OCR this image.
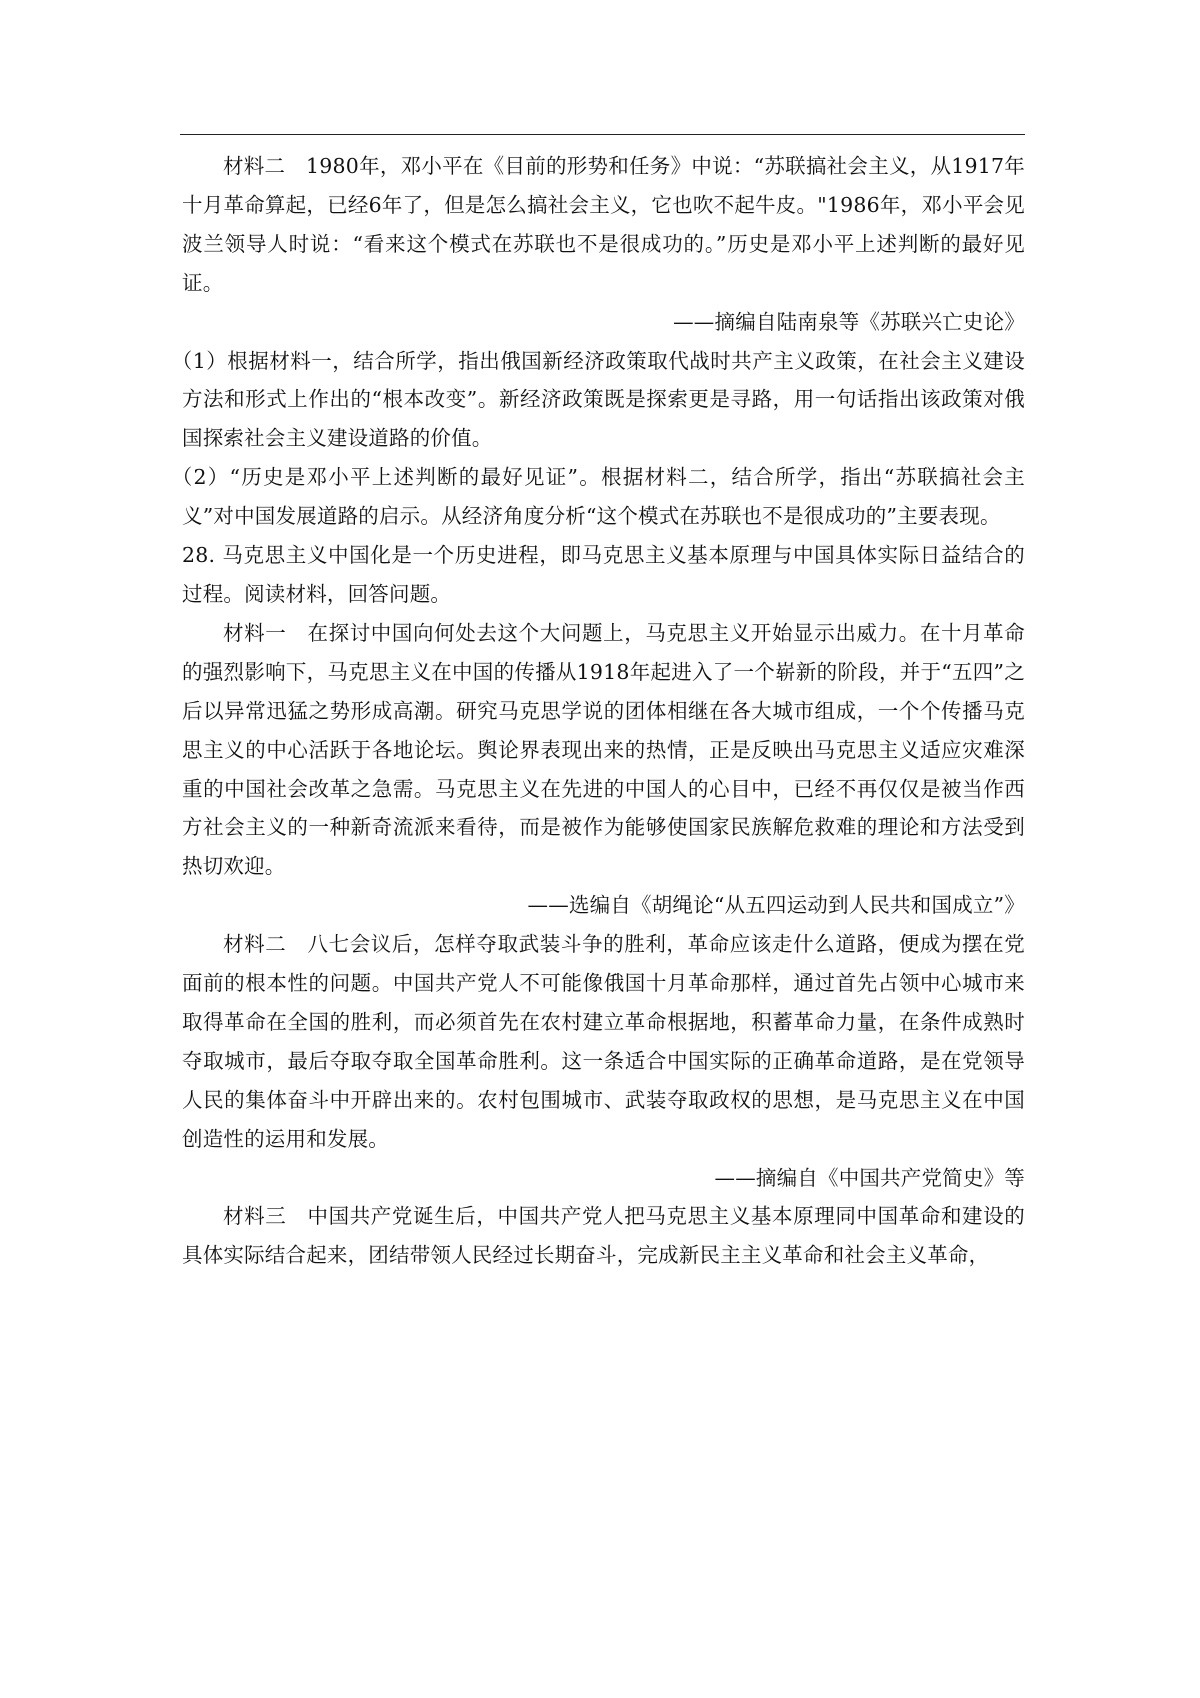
材料二　1980年，邓小平在《目前的形势和任务》中说：“苏联搞社会主义，从1917年十月革命算起，已经6年了，但是怎么搞社会主义，它也吹不起牛皮。"1986年，邓小平会见波兰领导人时说：“看来这个模式在苏联也不是很成功的。”历史是邓小平上述判断的最好见证。

——摘编自陆南泉等《苏联兴亡史论》

（1）根据材料一，结合所学，指出俄国新经济政策取代战时共产主义政策，在社会主义建设方法和形式上作出的“根本改变”。新经济政策既是探索更是寻路，用一句话指出该政策对俄国探索社会主义建设道路的价值。

（2）“历史是邓小平上述判断的最好见证”。根据材料二，结合所学，指出“苏联搞社会主义”对中国发展道路的启示。从经济角度分析“这个模式在苏联也不是很成功的”主要表现。

28. 马克思主义中国化是一个历史进程，即马克思主义基本原理与中国具体实际日益结合的过程。阅读材料，回答问题。

材料一　在探讨中国向何处去这个大问题上，马克思主义开始显示出威力。在十月革命的强烈影响下，马克思主义在中国的传播从1918年起进入了一个崭新的阶段，并于“五四”之后以异常迅猛之势形成高潮。研究马克思学说的团体相继在各大城市组成，一个个传播马克思主义的中心活跃于各地论坛。舆论界表现出来的热情，正是反映出马克思主义适应灾难深重的中国社会改革之急需。马克思主义在先进的中国人的心目中，已经不再仅仅是被当作西方社会主义的一种新奇流派来看待，而是被作为能够使国家民族解危救难的理论和方法受到热切欢迎。

——选编自《胡绳论“从五四运动到人民共和国成立”》

材料二　八七会议后，怎样夺取武装斗争的胜利，革命应该走什么道路，便成为摆在党面前的根本性的问题。中国共产党人不可能像俄国十月革命那样，通过首先占领中心城市来取得革命在全国的胜利，而必须首先在农村建立革命根据地，积蓄革命力量，在条件成熟时夺取城市，最后夺取夺取全国革命胜利。这一条适合中国实际的正确革命道路，是在党领导人民的集体奋斗中开辟出来的。农村包围城市、武装夺取政权的思想，是马克思主义在中国创造性的运用和发展。

——摘编自《中国共产党简史》等

材料三　中国共产党诞生后，中国共产党人把马克思主义基本原理同中国革命和建设的具体实际结合起来，团结带领人民经过长期奋斗，完成新民主主义革命和社会主义革命，
